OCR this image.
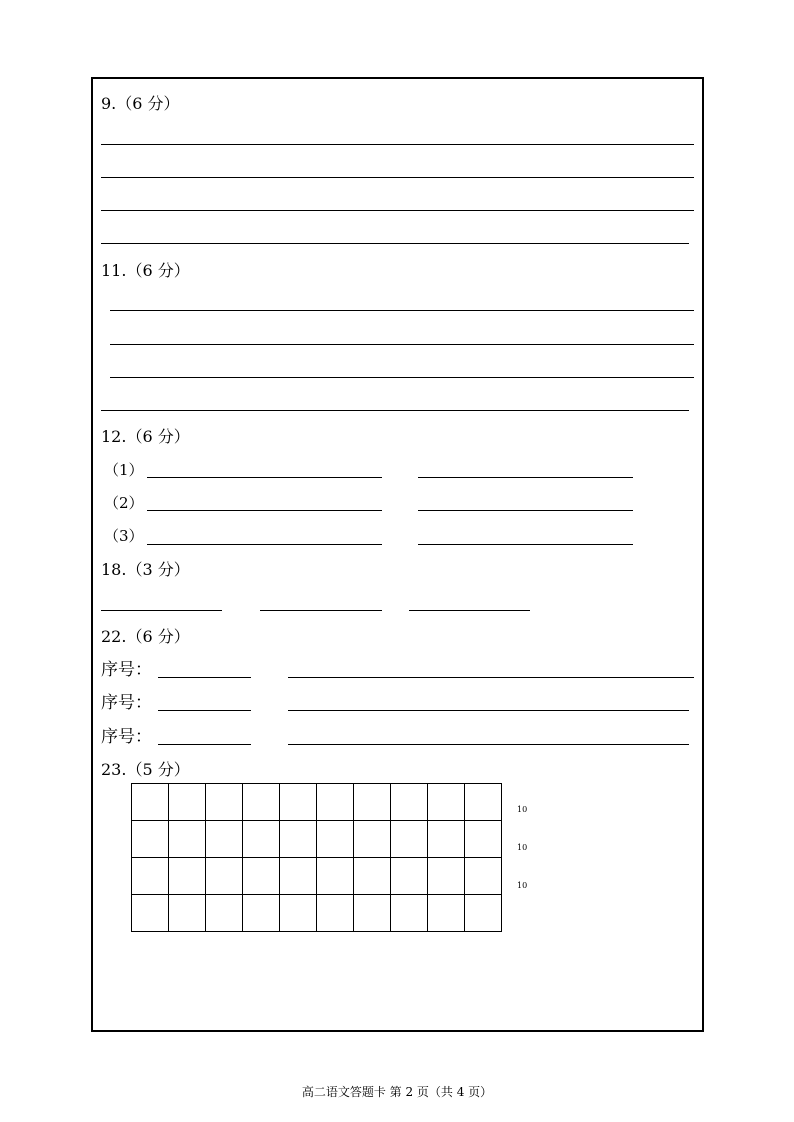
9.（6 分）
11.（6 分）
12.（6 分）
（1）
（2）
（3）
18.（3 分）
22.（6 分）
序号：
序号：
序号：
23.（5 分）

10
10
10
高二语文答题卡 第 2 页（共 4 页）
